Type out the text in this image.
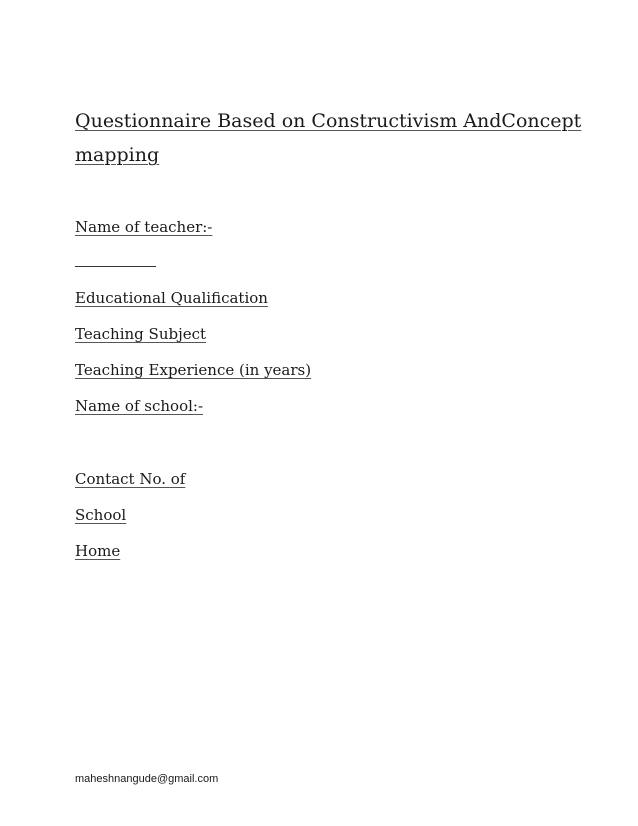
Questionnaire Based on Constructivism AndConcept
mapping
Name of teacher:-
Educational Qualification
Teaching Subject
Teaching Experience (in years)
Name of school:-
Contact No. of
School
Home
maheshnangude@gmail.com
